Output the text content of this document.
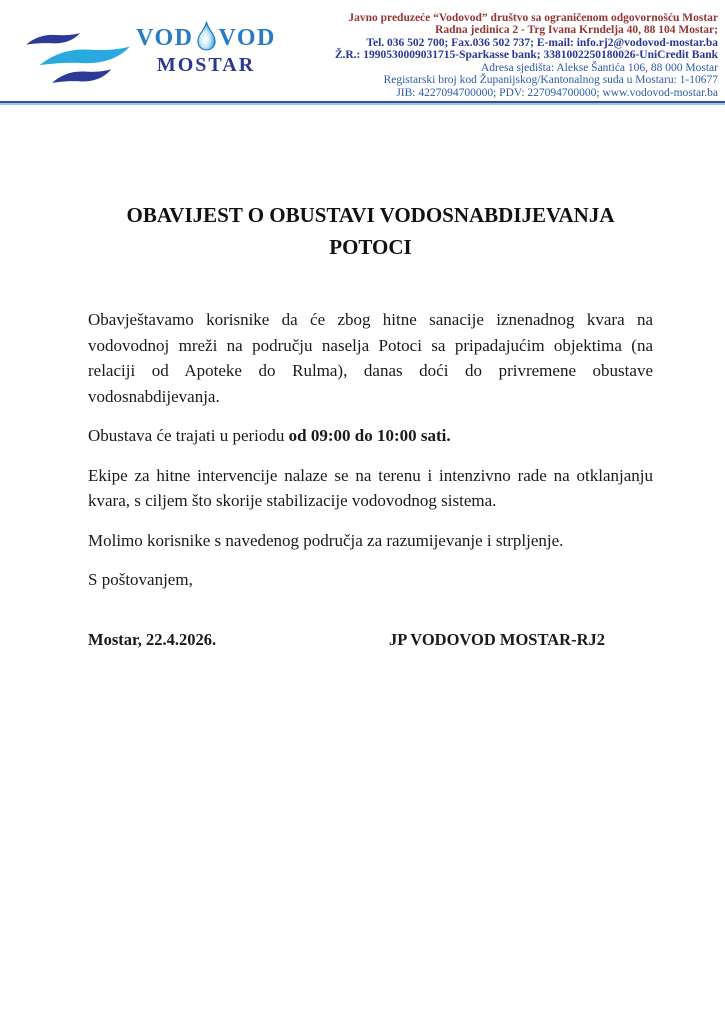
VOD VOD
MOSTAR
Javno preduzeće “Vodovod” društvo sa ograničenom odgovornošću Mostar
Radna jedinica 2 - Trg Ivana Krndelja 40, 88 104 Mostar;
Tel. 036 502 700; Fax.036 502 737; E-mail: info.rj2@vodovod-mostar.ba
Ž.R.: 1990530009031715-Sparkasse bank; 3381002250180026-UniCredit Bank
Adresa sjedišta: Alekse Šantića 106, 88 000 Mostar
Registarski broj kod Županijskog/Kantonalnog suda u Mostaru: 1-10677
JIB: 4227094700000; PDV: 227094700000; www.vodovod-mostar.ba
OBAVIJEST O OBUSTAVI VODOSNABDIJEVANJA
POTOCI

Obavještavamo korisnike da će zbog hitne sanacije iznenadnog kvara na vodovodnoj mreži na području naselja Potoci sa pripadajućim objektima (na relaciji od Apoteke do Rulma), danas doći do privremene obustave vodosnabdijevanja.

Obustava će trajati u periodu od 09:00 do 10:00 sati.

Ekipe za hitne intervencije nalaze se na terenu i intenzivno rade na otklanjanju kvara, s ciljem što skorije stabilizacije vodovodnog sistema.

Molimo korisnike s navedenog područja za razumijevanje i strpljenje.

S poštovanjem,

Mostar, 22.4.2026.	JP VODOVOD MOSTAR-RJ2
